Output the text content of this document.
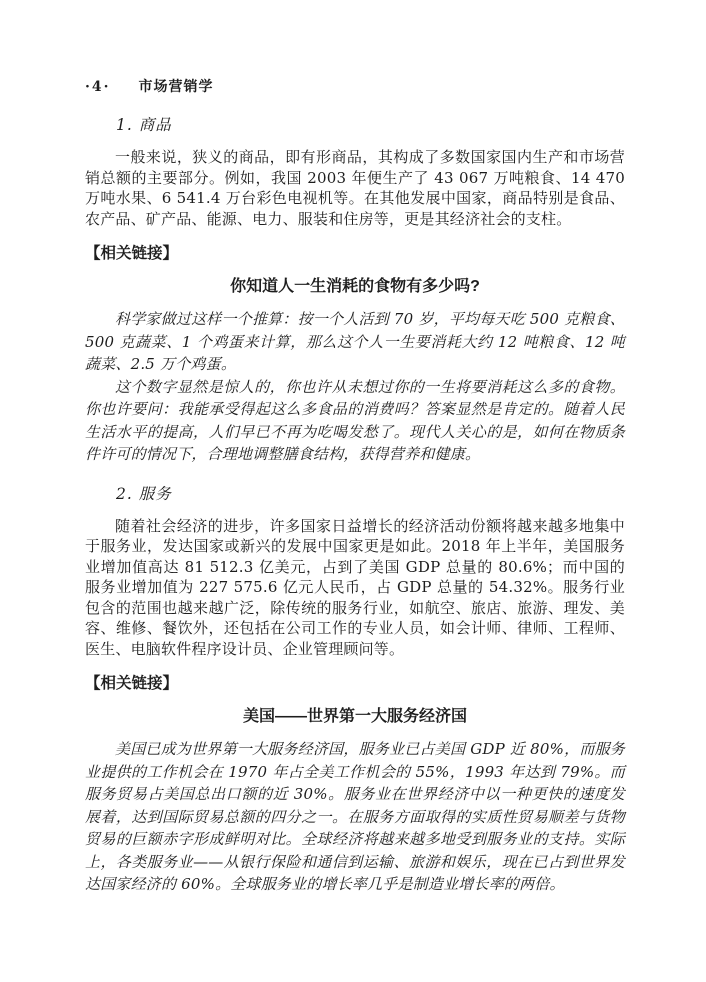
·4· 市场营销学
1. 商品

一般来说，狭义的商品，即有形商品，其构成了多数国家国内生产和市场营销总额的主要部分。例如，我国 2003 年便生产了 43 067 万吨粮食、14 470 万吨水果、6 541.4 万台彩色电视机等。在其他发展中国家，商品特别是食品、农产品、矿产品、能源、电力、服装和住房等，更是其经济社会的支柱。

【相关链接】
你知道人一生消耗的食物有多少吗?

科学家做过这样一个推算：按一个人活到 70 岁，平均每天吃 500 克粮食、500 克蔬菜、1 个鸡蛋来计算，那么这个人一生要消耗大约 12 吨粮食、12 吨蔬菜、2.5 万个鸡蛋。

这个数字显然是惊人的，你也许从未想过你的一生将要消耗这么多的食物。你也许要问：我能承受得起这么多食品的消费吗？答案显然是肯定的。随着人民生活水平的提高，人们早已不再为吃喝发愁了。现代人关心的是，如何在物质条件许可的情况下，合理地调整膳食结构，获得营养和健康。

2. 服务

随着社会经济的进步，许多国家日益增长的经济活动份额将越来越多地集中于服务业，发达国家或新兴的发展中国家更是如此。2018 年上半年，美国服务业增加值高达 81 512.3 亿美元，占到了美国 GDP 总量的 80.6%；而中国的服务业增加值为 227 575.6 亿元人民币，占 GDP 总量的 54.32%。服务行业包含的范围也越来越广泛，除传统的服务行业，如航空、旅店、旅游、理发、美容、维修、餐饮外，还包括在公司工作的专业人员，如会计师、律师、工程师、医生、电脑软件程序设计员、企业管理顾问等。

【相关链接】
美国——世界第一大服务经济国

美国已成为世界第一大服务经济国，服务业已占美国 GDP 近 80%，而服务业提供的工作机会在 1970 年占全美工作机会的 55%，1993 年达到 79%。而服务贸易占美国总出口额的近 30%。服务业在世界经济中以一种更快的速度发展着，达到国际贸易总额的四分之一。在服务方面取得的实质性贸易顺差与货物贸易的巨额赤字形成鲜明对比。全球经济将越来越多地受到服务业的支持。实际上，各类服务业——从银行保险和通信到运输、旅游和娱乐，现在已占到世界发达国家经济的 60%。全球服务业的增长率几乎是制造业增长率的两倍。
